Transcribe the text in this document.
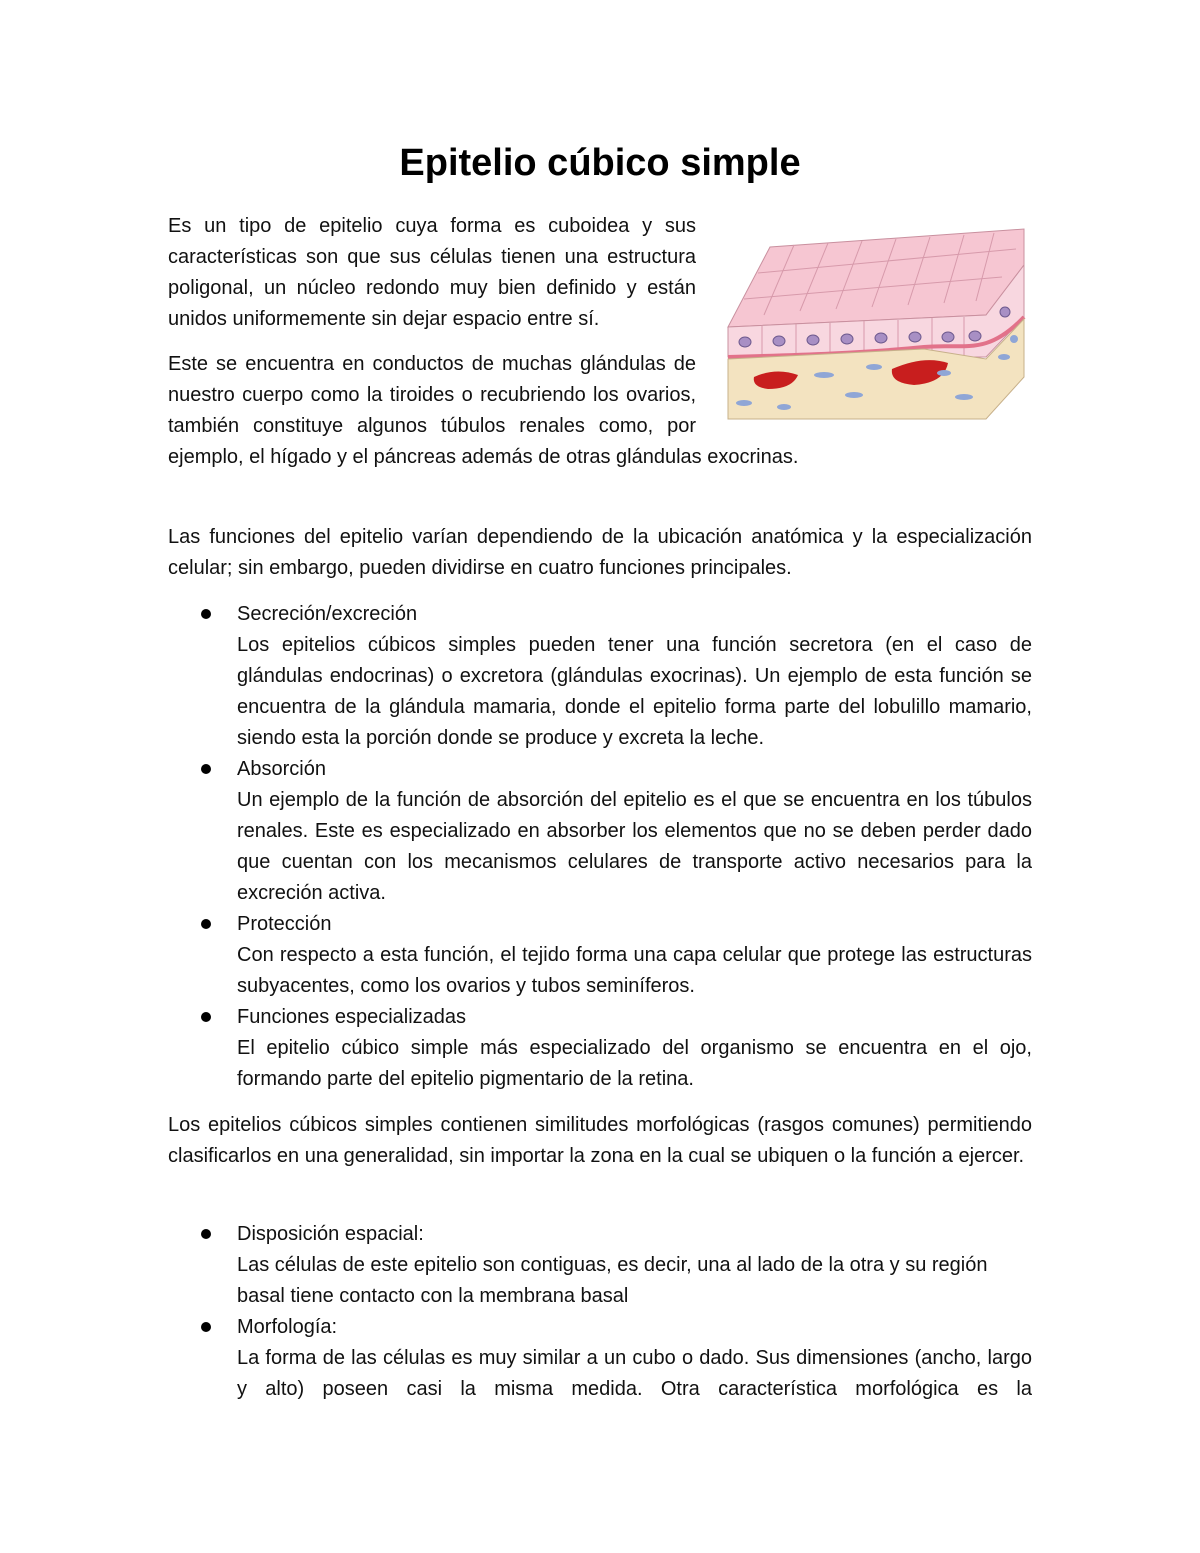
Epitelio cúbico simple

Es un tipo de epitelio cuya forma es cuboidea y sus características son que sus células tienen una estructura poligonal, un núcleo redondo muy bien definido y están unidos uniformemente sin dejar espacio entre sí.

Este se encuentra en conductos de muchas glándulas de nuestro cuerpo como la tiroides o recubriendo los ovarios, también constituye algunos túbulos renales como, por ejemplo, el hígado y el páncreas además de otras glándulas exocrinas.

Las funciones del epitelio varían dependiendo de la ubicación anatómica y la especialización celular; sin embargo, pueden dividirse en cuatro funciones principales.

Secreción/excreción
Los epitelios cúbicos simples pueden tener una función secretora (en el caso de glándulas endocrinas) o excretora (glándulas exocrinas). Un ejemplo de esta función se encuentra de la glándula mamaria, donde el epitelio forma parte del lobulillo mamario, siendo esta la porción donde se produce y excreta la leche.
Absorción
Un ejemplo de la función de absorción del epitelio es el que se encuentra en los túbulos renales. Este es especializado en absorber los elementos que no se deben perder dado que cuentan con los mecanismos celulares de transporte activo necesarios para la excreción activa.
Protección
Con respecto a esta función, el tejido forma una capa celular que protege las estructuras subyacentes, como los ovarios y tubos seminíferos.
Funciones especializadas
El epitelio cúbico simple más especializado del organismo se encuentra en el ojo, formando parte del epitelio pigmentario de la retina.

Los epitelios cúbicos simples contienen similitudes morfológicas (rasgos comunes) permitiendo clasificarlos en una generalidad, sin importar la zona en la cual se ubiquen o la función a ejercer.

Disposición espacial:
Las células de este epitelio son contiguas, es decir, una al lado de la otra y su región basal tiene contacto con la membrana basal
Morfología:
La forma de las células es muy similar a un cubo o dado. Sus dimensiones (ancho, largo y alto) poseen casi la misma medida. Otra característica morfológica es la
